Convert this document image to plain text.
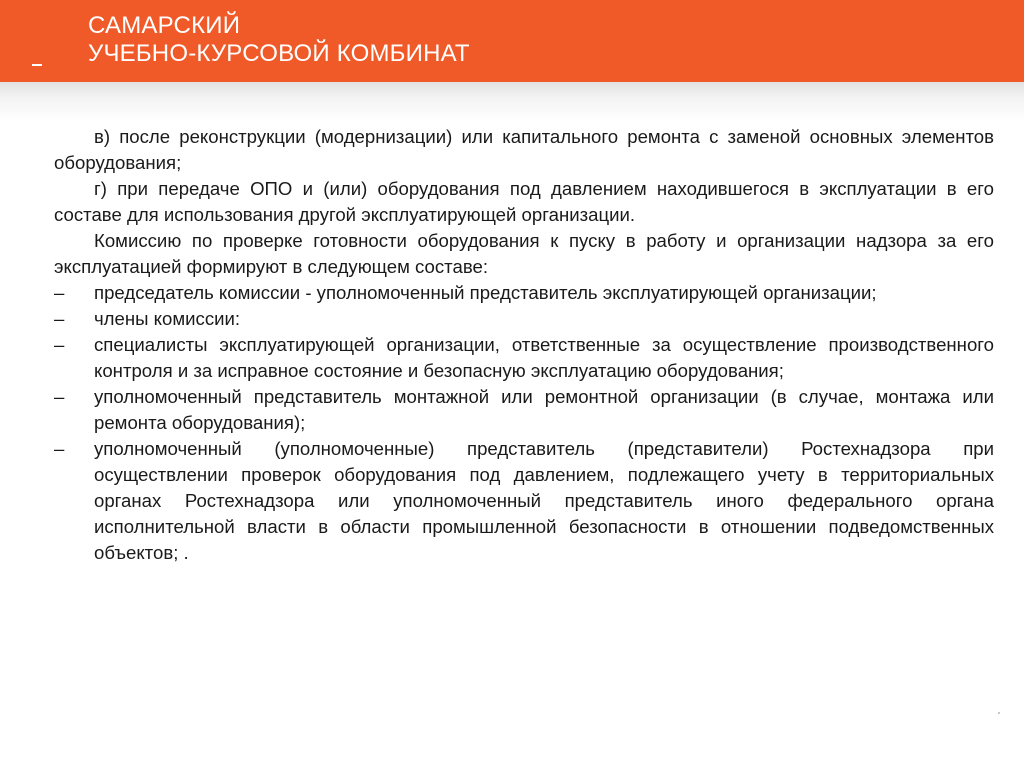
САМАРСКИЙ
УЧЕБНО-КУРСОВОЙ КОМБИНАТ

в) после реконструкции (модернизации) или капитального ремонта с заменой основных элементов оборудования;

г) при передаче ОПО и (или) оборудования под давлением находившегося в эксплуатации в его составе для использования другой эксплуатирующей организации.

Комиссию по проверке готовности оборудования к пуску в работу и организации надзора за его эксплуатацией формируют в следующем составе:

–	председатель комиссии - уполномоченный представитель эксплуатирующей организации;
–	члены комиссии:
–	специалисты эксплуатирующей организации, ответственные за осуществление производственного контроля и за исправное состояние и безопасную эксплуатацию оборудования;
–	уполномоченный представитель монтажной или ремонтной организации (в случае, монтажа или ремонта оборудования);
–	уполномоченный (уполномоченные) представитель (представители) Ростехнадзора при осуществлении проверок оборудования под давлением, подлежащего учету в территориальных органах Ростехнадзора или уполномоченный представитель иного федерального органа исполнительной власти в области промышленной безопасности в отношении подведомственных объектов; .
